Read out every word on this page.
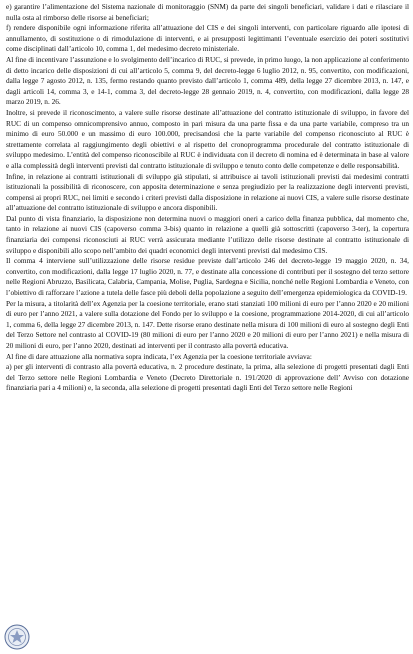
e) garantire l’alimentazione del Sistema nazionale di monitoraggio (SNM) da parte dei singoli beneficiari, validare i dati e rilasciare il nulla osta al rimborso delle risorse ai beneficiari;

f) rendere disponibile ogni informazione riferita all’attuazione del CIS e dei singoli interventi, con particolare riguardo alle ipotesi di annullamento, di sostituzione o di rimodulazione di interventi, e ai presupposti legittimanti l’eventuale esercizio dei poteri sostitutivi come disciplinati dall’articolo 10, comma 1, del medesimo decreto ministeriale.

Al fine di incentivare l’assunzione e lo svolgimento dell’incarico di RUC, si prevede, in primo luogo, la non applicazione al conferimento di detto incarico delle disposizioni di cui all’articolo 5, comma 9, del decreto-legge 6 luglio 2012, n. 95, convertito, con modificazioni, dalla legge 7 agosto 2012, n. 135, fermo restando quanto previsto dall’articolo 1, comma 489, della legge 27 dicembre 2013, n. 147, e dagli articoli 14, comma 3, e 14-1, comma 3, del decreto-legge 28 gennaio 2019, n. 4, convertito, con modificazioni, dalla legge 28 marzo 2019, n. 26.

Inoltre, si prevede il riconoscimento, a valere sulle risorse destinate all’attuazione del contratto istituzionale di sviluppo, in favore del RUC di un compenso omnicomprensivo annuo, composto in pari misura da una parte fissa e da una parte variabile, compreso tra un minimo di euro 50.000 e un massimo di euro 100.000, precisandosi che la parte variabile del compenso riconosciuto al RUC è strettamente correlata al raggiungimento degli obiettivi e al rispetto del cronoprogramma procedurale del contratto istituzionale di sviluppo medesimo. L’entità del compenso riconoscibile al RUC è individuata con il decreto di nomina ed è determinata in base al valore e alla complessità degli interventi previsti dal contratto istituzionale di sviluppo e tenuto conto delle competenze e delle responsabilità.

Infine, in relazione ai contratti istituzionali di sviluppo già stipulati, si attribuisce ai tavoli istituzionali previsti dai medesimi contratti istituzionali la possibilità di riconoscere, con apposita determinazione e senza pregiudizio per la realizzazione degli interventi previsti, compensi ai propri RUC, nei limiti e secondo i criteri previsti dalla disposizione in relazione ai nuovi CIS, a valere sulle risorse destinate all’attuazione del contratto istituzionale di sviluppo e ancora disponibili.

Dal punto di vista finanziario, la disposizione non determina nuovi o maggiori oneri a carico della finanza pubblica, dal momento che, tanto in relazione ai nuovi CIS (capoverso comma 3-bis) quanto in relazione a quelli già sottoscritti (capoverso 3-ter), la copertura finanziaria dei compensi riconosciuti ai RUC verrà assicurata mediante l’utilizzo delle risorse destinate al contratto istituzionale di sviluppo e disponibili allo scopo nell’ambito dei quadri economici degli interventi previsti dal medesimo CIS.

Il comma 4 interviene sull’utilizzazione delle risorse residue previste dall’articolo 246 del decreto-legge 19 maggio 2020, n. 34, convertito, con modificazioni, dalla legge 17 luglio 2020, n. 77, e destinate alla concessione di contributi per il sostegno del terzo settore nelle Regioni Abruzzo, Basilicata, Calabria, Campania, Molise, Puglia, Sardegna e Sicilia, nonché nelle Regioni Lombardia e Veneto, con l’obiettivo di rafforzare l’azione a tutela delle fasce più deboli della popolazione a seguito dell’emergenza epidemiologica da COVID-19.

Per la misura, a titolarità dell’ex Agenzia per la coesione territoriale, erano stati stanziati 100 milioni di euro per l’anno 2020 e 20 milioni di euro per l’anno 2021, a valere sulla dotazione del Fondo per lo sviluppo e la coesione, programmazione 2014-2020, di cui all’articolo 1, comma 6, della legge 27 dicembre 2013, n. 147. Dette risorse erano destinate nella misura di 100 milioni di euro al sostegno degli Enti del Terzo Settore nel contrasto al COVID-19 (80 milioni di euro per l’anno 2020 e 20 milioni di euro per l’anno 2021) e nella misura di 20 milioni di euro, per l’anno 2020, destinati ad interventi per il contrasto alla povertà educativa.

Al fine di dare attuazione alla normativa sopra indicata, l’ex Agenzia per la coesione territoriale avviava:

a) per gli interventi di contrasto alla povertà educativa, n. 2 procedure destinate, la prima, alla selezione di progetti presentati dagli Enti del Terzo settore nelle Regioni Lombardia e Veneto (Decreto Direttoriale n. 191/2020 di approvazione dell’ Avviso con dotazione finanziaria pari a 4 milioni) e, la seconda, alla selezione di progetti presentati dagli Enti del Terzo settore nelle Regioni
